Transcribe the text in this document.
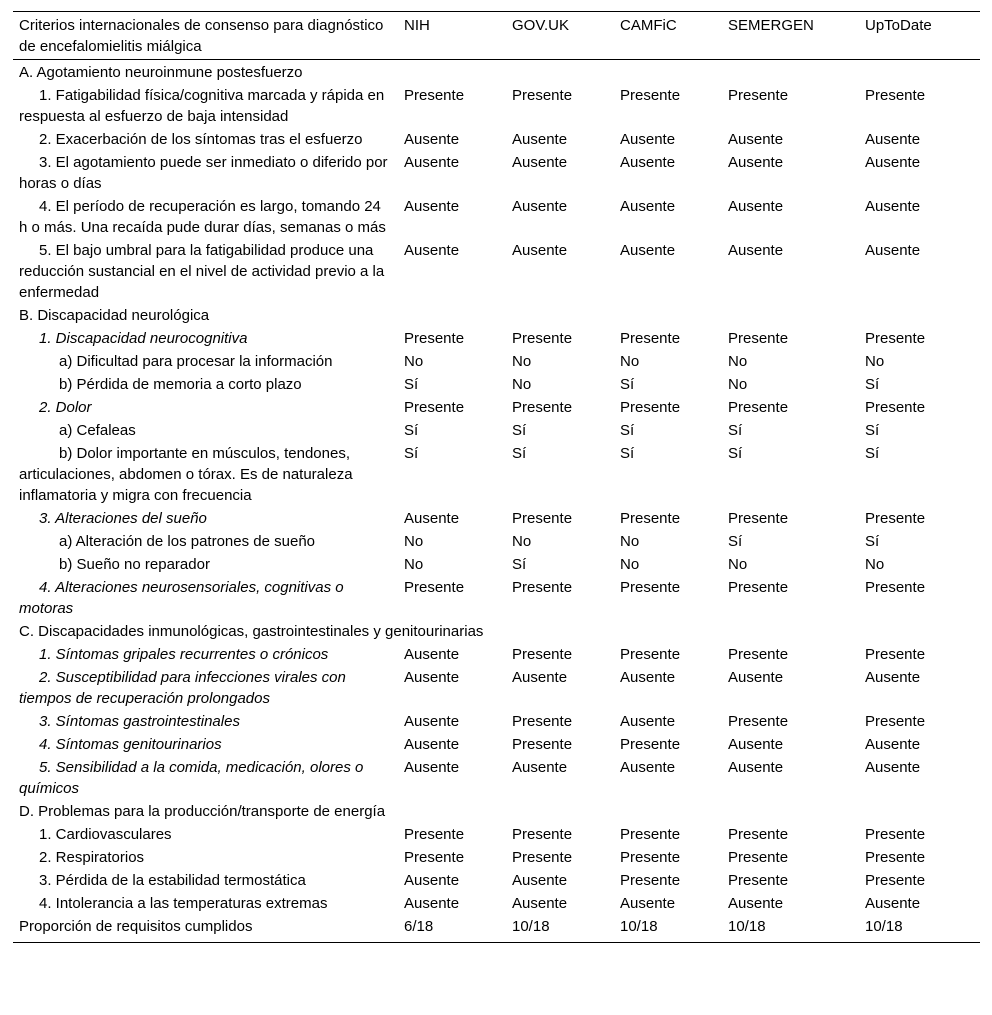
Criterios internacionales de consenso para diagnóstico de encefalomielitis miálgica	NIH	GOV.UK	CAMFiC	SEMERGEN	UpToDate
A. Agotamiento neuroinmune postesfuerzo					
1. Fatigabilidad física/cognitiva marcada y rápida en respuesta al esfuerzo de baja intensidad	Presente	Presente	Presente	Presente	Presente
2. Exacerbación de los síntomas tras el esfuerzo	Ausente	Ausente	Ausente	Ausente	Ausente
3. El agotamiento puede ser inmediato o diferido por horas o días	Ausente	Ausente	Ausente	Ausente	Ausente
4. El período de recuperación es largo, tomando 24 h o más. Una recaída pude durar días, semanas o más	Ausente	Ausente	Ausente	Ausente	Ausente
5. El bajo umbral para la fatigabilidad produce una reducción sustancial en el nivel de actividad previo a la enfermedad	Ausente	Ausente	Ausente	Ausente	Ausente
B. Discapacidad neurológica					
1. Discapacidad neurocognitiva	Presente	Presente	Presente	Presente	Presente
a) Dificultad para procesar la información	No	No	No	No	No
b) Pérdida de memoria a corto plazo	Sí	No	Sí	No	Sí
2. Dolor	Presente	Presente	Presente	Presente	Presente
a) Cefaleas	Sí	Sí	Sí	Sí	Sí
b) Dolor importante en músculos, tendones, articulaciones, abdomen o tórax. Es de naturaleza inflamatoria y migra con frecuencia	Sí	Sí	Sí	Sí	Sí
3. Alteraciones del sueño	Ausente	Presente	Presente	Presente	Presente
a) Alteración de los patrones de sueño	No	No	No	Sí	Sí
b) Sueño no reparador	No	Sí	No	No	No
4. Alteraciones neurosensoriales, cognitivas o motoras	Presente	Presente	Presente	Presente	Presente
C. Discapacidades inmunológicas, gastrointestinales y genitourinarias					
1. Síntomas gripales recurrentes o crónicos	Ausente	Presente	Presente	Presente	Presente
2. Susceptibilidad para infecciones virales con tiempos de recuperación prolongados	Ausente	Ausente	Ausente	Ausente	Ausente
3. Síntomas gastrointestinales	Ausente	Presente	Ausente	Presente	Presente
4. Síntomas genitourinarios	Ausente	Presente	Presente	Ausente	Ausente
5. Sensibilidad a la comida, medicación, olores o químicos	Ausente	Ausente	Ausente	Ausente	Ausente
D. Problemas para la producción/transporte de energía					
1. Cardiovasculares	Presente	Presente	Presente	Presente	Presente
2. Respiratorios	Presente	Presente	Presente	Presente	Presente
3. Pérdida de la estabilidad termostática	Ausente	Ausente	Presente	Presente	Presente
4. Intolerancia a las temperaturas extremas	Ausente	Ausente	Ausente	Ausente	Ausente
Proporción de requisitos cumplidos	6/18	10/18	10/18	10/18	10/18
